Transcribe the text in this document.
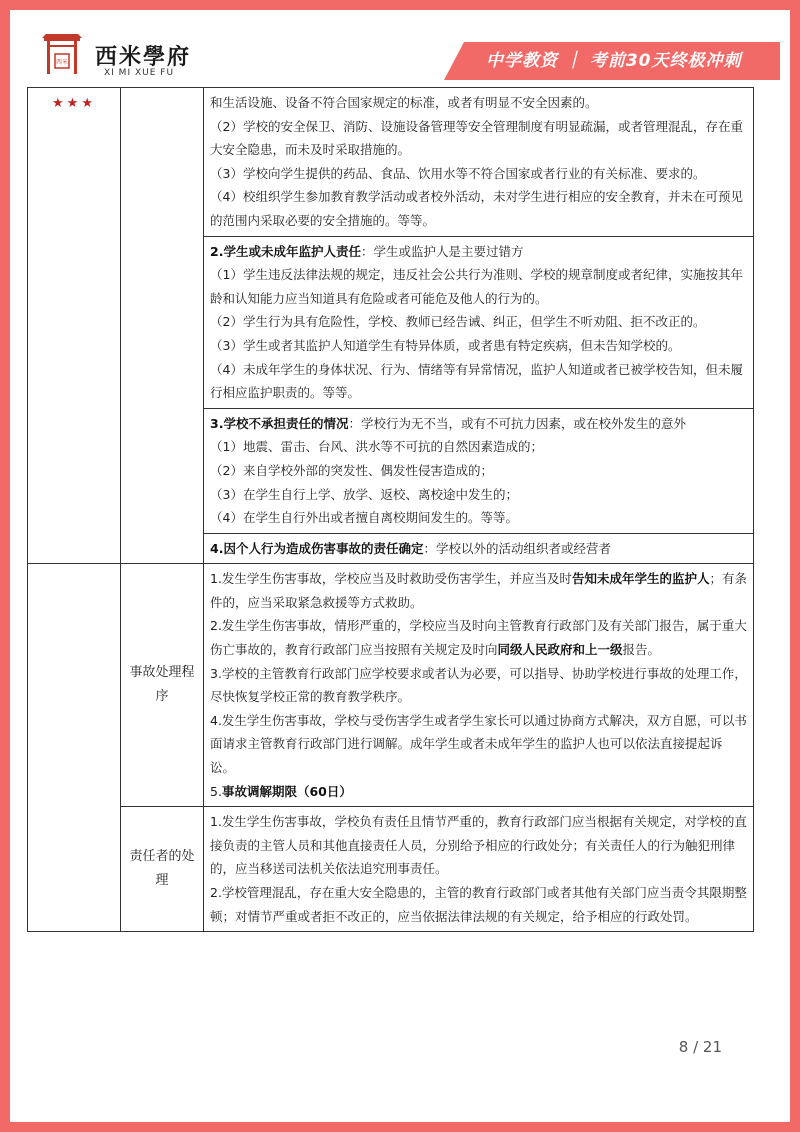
西米 西米學府
XI MI XUE FU
中学教资 ｜ 考前30天终极冲刺
★★★		和生活设施、设备不符合国家规定的标准，或者有明显不安全因素的。

（2）学校的安全保卫、消防、设施设备管理等安全管理制度有明显疏漏，或者管理混乱，存在重大安全隐患，而未及时采取措施的。

（3）学校向学生提供的药品、食品、饮用水等不符合国家或者行业的有关标准、要求的。

（4）校组织学生参加教育教学活动或者校外活动，未对学生进行相应的安全教育，并未在可预见的范围内采取必要的安全措施的。等等。

		2.学生或未成年监护人责任：学生或监护人是主要过错方

（1）学生违反法律法规的规定，违反社会公共行为准则、学校的规章制度或者纪律，实施按其年龄和认知能力应当知道具有危险或者可能危及他人的行为的。

（2）学生行为具有危险性，学校、教师已经告诫、纠正，但学生不听劝阻、拒不改正的。

（3）学生或者其监护人知道学生有特异体质，或者患有特定疾病，但未告知学校的。

（4）未成年学生的身体状况、行为、情绪等有异常情况，监护人知道或者已被学校告知，但未履行相应监护职责的。等等。

		3.学校不承担责任的情况：学校行为无不当，或有不可抗力因素，或在校外发生的意外

（1）地震、雷击、台风、洪水等不可抗的自然因素造成的；

（2）来自学校外部的突发性、偶发性侵害造成的；

（3）在学生自行上学、放学、返校、离校途中发生的；

（4）在学生自行外出或者擅自离校期间发生的。等等。

		4.因个人行为造成伤害事故的责任确定：学校以外的活动组织者或经营者

	事故处理程序	1.发生学生伤害事故，学校应当及时救助受伤害学生，并应当及时告知未成年学生的监护人；有条件的，应当采取紧急救援等方式救助。

2.发生学生伤害事故，情形严重的，学校应当及时向主管教育行政部门及有关部门报告，属于重大伤亡事故的，教育行政部门应当按照有关规定及时向同级人民政府和上一级报告。

3.学校的主管教育行政部门应学校要求或者认为必要，可以指导、协助学校进行事故的处理工作，尽快恢复学校正常的教育教学秩序。

4.发生学生伤害事故，学校与受伤害学生或者学生家长可以通过协商方式解决，双方自愿，可以书面请求主管教育行政部门进行调解。成年学生或者未成年学生的监护人也可以依法直接提起诉讼。

5.事故调解期限（60日）

	责任者的处理	1.发生学生伤害事故，学校负有责任且情节严重的，教育行政部门应当根据有关规定，对学校的直接负责的主管人员和其他直接责任人员，分别给予相应的行政处分；有关责任人的行为触犯刑律的，应当移送司法机关依法追究刑事责任。

2.学校管理混乱，存在重大安全隐患的，主管的教育行政部门或者其他有关部门应当责令其限期整顿；对情节严重或者拒不改正的，应当依据法律法规的有关规定，给予相应的行政处罚。

8 / 21
